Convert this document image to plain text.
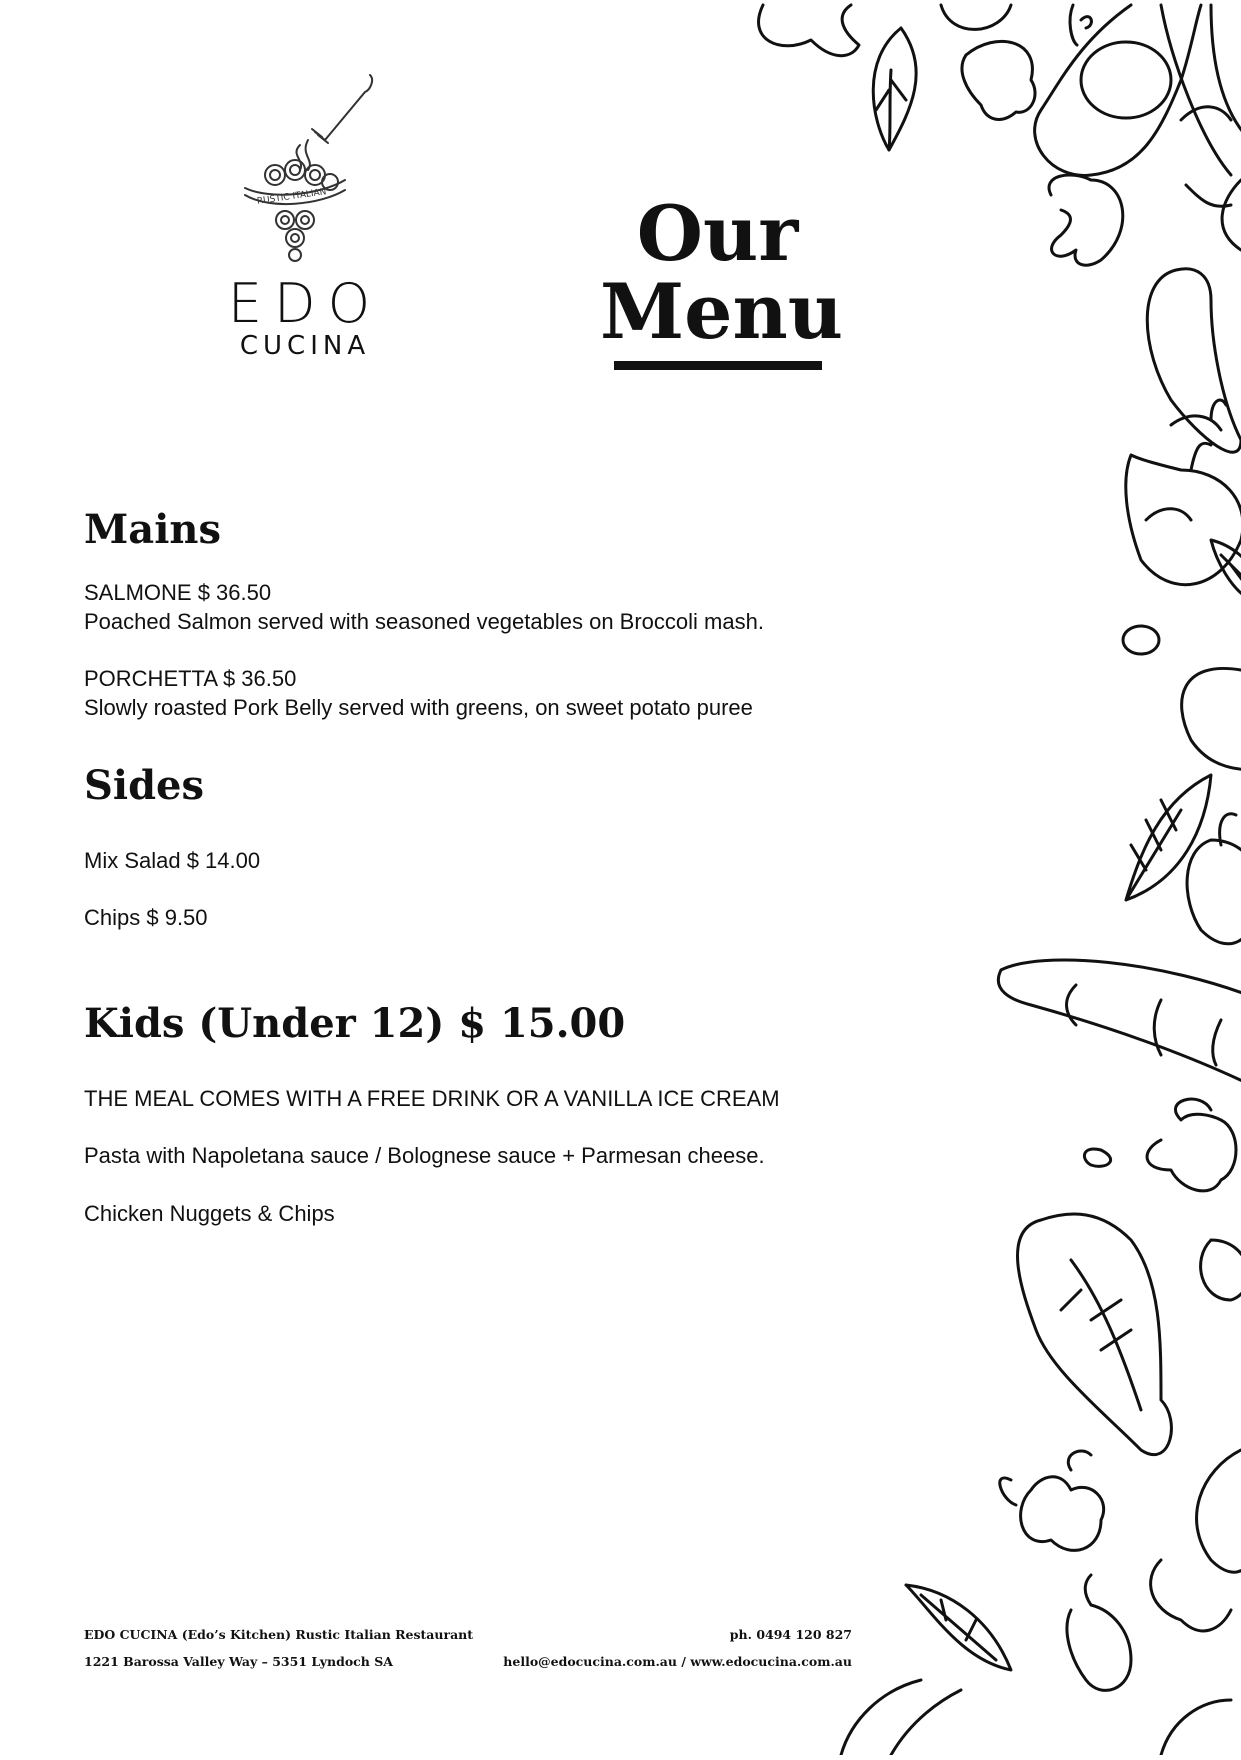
RUSTIC ITALIAN
EDO
CUCINA
Our
Menu
Mains
SALMONE $ 36.50
Poached Salmon served with seasoned vegetables on Broccoli mash.
PORCHETTA $ 36.50
Slowly roasted Pork Belly served with greens, on sweet potato puree
Sides
Mix Salad $ 14.00
Chips $ 9.50
Kids (Under 12) $ 15.00
THE MEAL COMES WITH A FREE DRINK OR A VANILLA ICE CREAM
Pasta with Napoletana sauce / Bolognese sauce + Parmesan cheese.
Chicken Nuggets & Chips
EDO CUCINA (Edo’s Kitchen) Rustic Italian Restaurant
1221 Barossa Valley Way – 5351 Lyndoch SA
ph. 0494 120 827
hello@edocucina.com.au / www.edocucina.com.au
